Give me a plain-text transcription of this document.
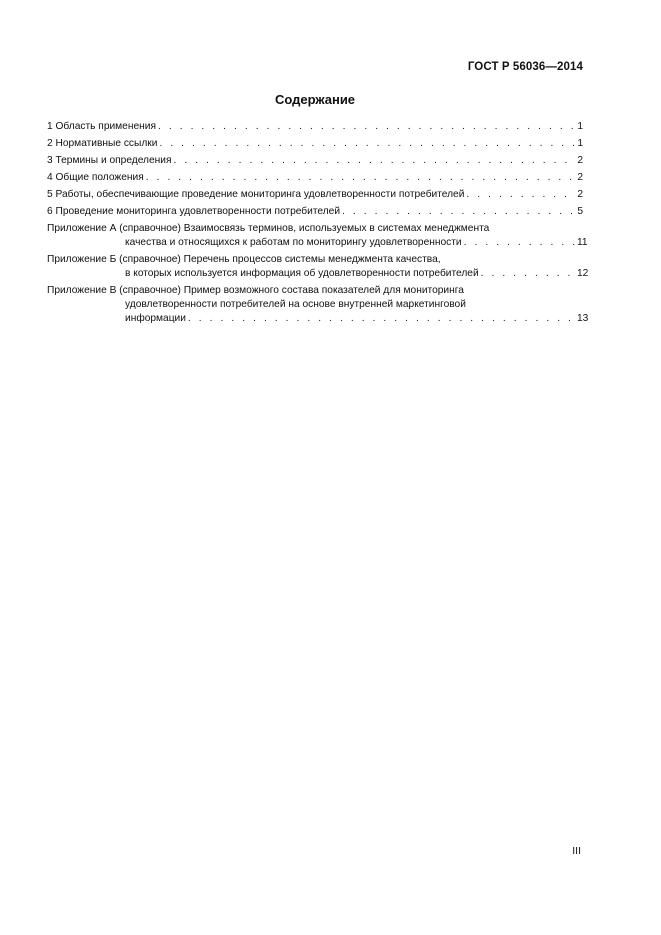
ГОСТ Р 56036—2014
Содержание
1 Область применения . . .	1
2 Нормативные ссылки . . .	1
3 Термины и определения . . .	2
4 Общие положения . . .	2
5 Работы, обеспечивающие проведение мониторинга удовлетворенности потребителей . . .	2
6 Проведение мониторинга удовлетворенности потребителей . . .	5
Приложение А (справочное) Взаимосвязь терминов, используемых в системах менеджмента
качества и относящихся к работам по мониторингу удовлетворенности . . .	11
Приложение Б (справочное) Перечень процессов системы менеджмента качества,
в которых используется информация об удовлетворенности потребителей . . .	12
Приложение В (справочное) Пример возможного состава показателей для мониторинга
удовлетворенности потребителей на основе внутренней маркетинговой
информации . . .	13
III
